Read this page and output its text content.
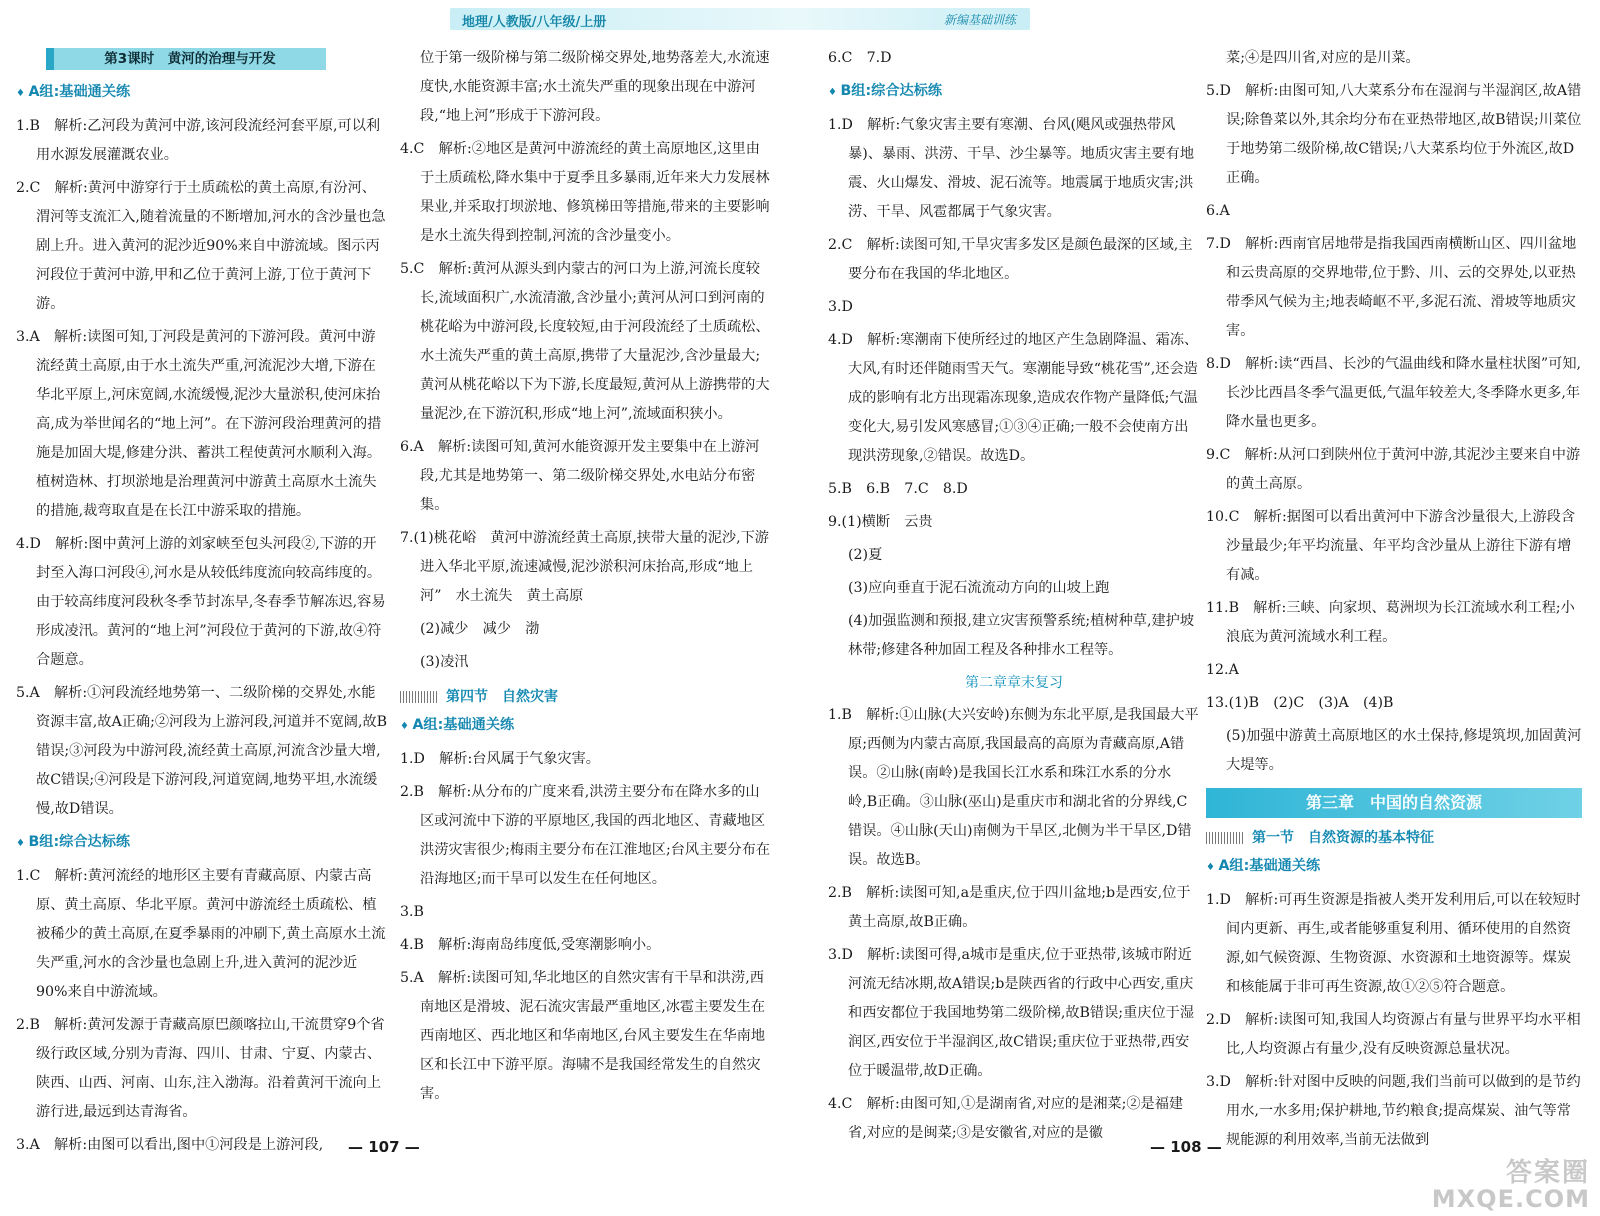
地理/人教版/八年级/上册	新编基础训练
第3课时　黄河的治理与开发

♦ A组:基础通关练

1.B　解析:乙河段为黄河中游,该河段流经河套平原,可以利用水源发展灌溉农业。

2.C　解析:黄河中游穿行于土质疏松的黄土高原,有汾河、渭河等支流汇入,随着流量的不断增加,河水的含沙量也急剧上升。进入黄河的泥沙近90%来自中游流域。图示丙河段位于黄河中游,甲和乙位于黄河上游,丁位于黄河下游。

3.A　解析:读图可知,丁河段是黄河的下游河段。黄河中游流经黄土高原,由于水土流失严重,河流泥沙大增,下游在华北平原上,河床宽阔,水流缓慢,泥沙大量淤积,使河床抬高,成为举世闻名的“地上河”。在下游河段治理黄河的措施是加固大堤,修建分洪、蓄洪工程使黄河水顺利入海。植树造林、打坝淤地是治理黄河中游黄土高原水土流失的措施,裁弯取直是在长江中游采取的措施。

4.D　解析:图中黄河上游的刘家峡至包头河段②,下游的开封至入海口河段④,河水是从较低纬度流向较高纬度的。由于较高纬度河段秋冬季节封冻早,冬春季节解冻迟,容易形成凌汛。黄河的“地上河”河段位于黄河的下游,故④符合题意。

5.A　解析:①河段流经地势第一、二级阶梯的交界处,水能资源丰富,故A正确;②河段为上游河段,河道并不宽阔,故B错误;③河段为中游河段,流经黄土高原,河流含沙量大增,故C错误;④河段是下游河段,河道宽阔,地势平坦,水流缓慢,故D错误。

♦ B组:综合达标练

1.C　解析:黄河流经的地形区主要有青藏高原、内蒙古高原、黄土高原、华北平原。黄河中游流经土质疏松、植被稀少的黄土高原,在夏季暴雨的冲刷下,黄土高原水土流失严重,河水的含沙量也急剧上升,进入黄河的泥沙近90%来自中游流域。

2.B　解析:黄河发源于青藏高原巴颜喀拉山,干流贯穿9个省级行政区域,分别为青海、四川、甘肃、宁夏、内蒙古、陕西、山西、河南、山东,注入渤海。沿着黄河干流向上游行进,最远到达青海省。

3.A　解析:由图可以看出,图中①河段是上游河段,

位于第一级阶梯与第二级阶梯交界处,地势落差大,水流速度快,水能资源丰富;水土流失严重的现象出现在中游河段,“地上河”形成于下游河段。

4.C　解析:②地区是黄河中游流经的黄土高原地区,这里由于土质疏松,降水集中于夏季且多暴雨,近年来大力发展林果业,并采取打坝淤地、修筑梯田等措施,带来的主要影响是水土流失得到控制,河流的含沙量变小。

5.C　解析:黄河从源头到内蒙古的河口为上游,河流长度较长,流域面积广,水流清澈,含沙量小;黄河从河口到河南的桃花峪为中游河段,长度较短,由于河段流经了土质疏松、水土流失严重的黄土高原,携带了大量泥沙,含沙量最大;黄河从桃花峪以下为下游,长度最短,黄河从上游携带的大量泥沙,在下游沉积,形成“地上河”,流域面积狭小。

6.A　解析:读图可知,黄河水能资源开发主要集中在上游河段,尤其是地势第一、第二级阶梯交界处,水电站分布密集。

7.(1)桃花峪　黄河中游流经黄土高原,挟带大量的泥沙,下游进入华北平原,流速减慢,泥沙淤积河床抬高,形成“地上河”　水土流失　黄土高原

(2)减少　减少　渤

(3)凌汛

第四节　自然灾害

♦ A组:基础通关练

1.D　解析:台风属于气象灾害。

2.B　解析:从分布的广度来看,洪涝主要分布在降水多的山区或河流中下游的平原地区,我国的西北地区、青藏地区洪涝灾害很少;梅雨主要分布在江淮地区;台风主要分布在沿海地区;而干旱可以发生在任何地区。

3.B

4.B　解析:海南岛纬度低,受寒潮影响小。

5.A　解析:读图可知,华北地区的自然灾害有干旱和洪涝,西南地区是滑坡、泥石流灾害最严重地区,冰雹主要发生在西南地区、西北地区和华南地区,台风主要发生在华南地区和长江中下游平原。海啸不是我国经常发生的自然灾害。

— 107 —

6.C　7.D

♦ B组:综合达标练

1.D　解析:气象灾害主要有寒潮、台风(飓风或强热带风暴)、暴雨、洪涝、干旱、沙尘暴等。地质灾害主要有地震、火山爆发、滑坡、泥石流等。地震属于地质灾害;洪涝、干旱、风雹都属于气象灾害。

2.C　解析:读图可知,干旱灾害多发区是颜色最深的区域,主要分布在我国的华北地区。

3.D

4.D　解析:寒潮南下使所经过的地区产生急剧降温、霜冻、大风,有时还伴随雨雪天气。寒潮能导致“桃花雪”,还会造成的影响有北方出现霜冻现象,造成农作物产量降低;气温变化大,易引发风寒感冒;①③④正确;一般不会使南方出现洪涝现象,②错误。故选D。

5.B　6.B　7.C　8.D

9.(1)横断　云贵

(2)夏

(3)应向垂直于泥石流流动方向的山坡上跑

(4)加强监测和预报,建立灾害预警系统;植树种草,建护坡林带;修建各种加固工程及各种排水工程等。

第二章章末复习

1.B　解析:①山脉(大兴安岭)东侧为东北平原,是我国最大平原;西侧为内蒙古高原,我国最高的高原为青藏高原,A错误。②山脉(南岭)是我国长江水系和珠江水系的分水岭,B正确。③山脉(巫山)是重庆市和湖北省的分界线,C错误。④山脉(天山)南侧为干旱区,北侧为半干旱区,D错误。故选B。

2.B　解析:读图可知,a是重庆,位于四川盆地;b是西安,位于黄土高原,故B正确。

3.D　解析:读图可得,a城市是重庆,位于亚热带,该城市附近河流无结冰期,故A错误;b是陕西省的行政中心西安,重庆和西安都位于我国地势第二级阶梯,故B错误;重庆位于湿润区,西安位于半湿润区,故C错误;重庆位于亚热带,西安位于暖温带,故D正确。

4.C　解析:由图可知,①是湖南省,对应的是湘菜;②是福建省,对应的是闽菜;③是安徽省,对应的是徽

菜;④是四川省,对应的是川菜。

5.D　解析:由图可知,八大菜系分布在湿润与半湿润区,故A错误;除鲁菜以外,其余均分布在亚热带地区,故B错误;川菜位于地势第二级阶梯,故C错误;八大菜系均位于外流区,故D正确。

6.A

7.D　解析:西南官居地带是指我国西南横断山区、四川盆地和云贵高原的交界地带,位于黔、川、云的交界处,以亚热带季风气候为主;地表崎岖不平,多泥石流、滑坡等地质灾害。

8.D　解析:读“西昌、长沙的气温曲线和降水量柱状图”可知,长沙比西昌冬季气温更低,气温年较差大,冬季降水更多,年降水量也更多。

9.C　解析:从河口到陕州位于黄河中游,其泥沙主要来自中游的黄土高原。

10.C　解析:据图可以看出黄河中下游含沙量很大,上游段含沙量最少;年平均流量、年平均含沙量从上游往下游有增有减。

11.B　解析:三峡、向家坝、葛洲坝为长江流域水利工程;小浪底为黄河流域水利工程。

12.A

13.(1)B　(2)C　(3)A　(4)B

(5)加强中游黄土高原地区的水土保持,修堤筑坝,加固黄河大堤等。

第三章　中国的自然资源
第一节　自然资源的基本特征

♦ A组:基础通关练

1.D　解析:可再生资源是指被人类开发利用后,可以在较短时间内更新、再生,或者能够重复利用、循环使用的自然资源,如气候资源、生物资源、水资源和土地资源等。煤炭和核能属于非可再生资源,故①②⑤符合题意。

2.D　解析:读图可知,我国人均资源占有量与世界平均水平相比,人均资源占有量少,没有反映资源总量状况。

3.D　解析:针对图中反映的问题,我们当前可以做到的是节约用水,一水多用;保护耕地,节约粮食;提高煤炭、油气等常规能源的利用效率,当前无法做到

— 108 —
答案圈
MXQE.COM
